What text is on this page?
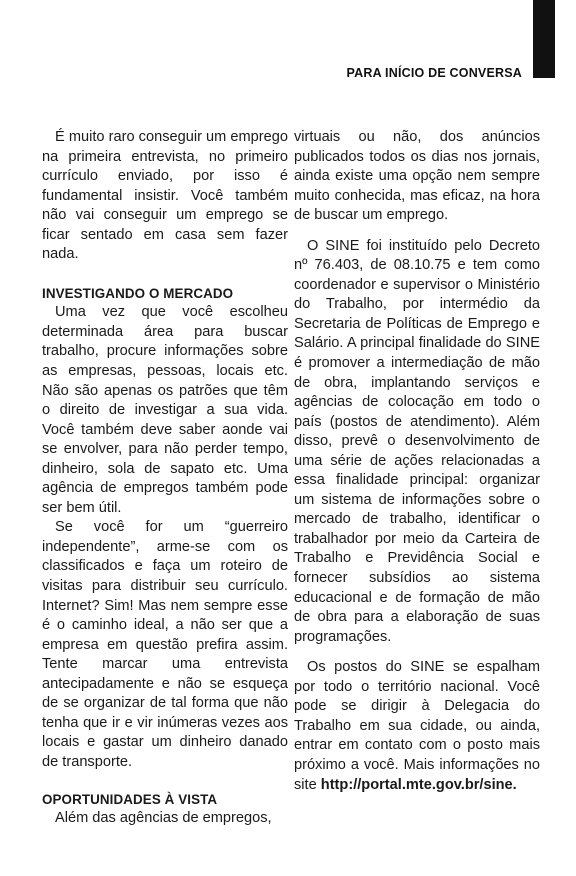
PARA INÍCIO DE CONVERSA

É muito raro conseguir um emprego na primeira entrevista, no primeiro currículo enviado, por isso é fundamental insistir. Você também não vai conseguir um emprego se ficar sentado em casa sem fazer nada.

INVESTIGANDO O MERCADO

Uma vez que você escolheu determinada área para buscar trabalho, procure informações sobre as empresas, pessoas, locais etc. Não são apenas os patrões que têm o direito de investigar a sua vida. Você também deve saber aonde vai se envolver, para não perder tempo, dinheiro, sola de sapato etc. Uma agência de empregos também pode ser bem útil.

Se você for um “guerreiro independente”, arme-se com os classificados e faça um roteiro de visitas para distribuir seu currículo. Internet? Sim! Mas nem sempre esse é o caminho ideal, a não ser que a empresa em questão prefira assim. Tente marcar uma entrevista antecipadamente e não se esqueça de se organizar de tal forma que não tenha que ir e vir inúmeras vezes aos locais e gastar um dinheiro danado de transporte.

OPORTUNIDADES À VISTA

Além das agências de empregos,

virtuais ou não, dos anúncios publicados todos os dias nos jornais, ainda existe uma opção nem sempre muito conhecida, mas eficaz, na hora de buscar um emprego.

O SINE foi instituído pelo Decreto nº 76.403, de 08.10.75 e tem como coordenador e supervisor o Ministério do Trabalho, por intermédio da Secretaria de Políticas de Emprego e Salário. A principal finalidade do SINE é promover a intermediação de mão de obra, implantando serviços e agências de colocação em todo o país (postos de atendimento). Além disso, prevê o desenvolvimento de uma série de ações relacionadas a essa finalidade principal: organizar um sistema de informações sobre o mercado de trabalho, identificar o trabalhador por meio da Carteira de Trabalho e Previdência Social e fornecer subsídios ao sistema educacional e de formação de mão de obra para a elaboração de suas programações.

Os postos do SINE se espalham por todo o território nacional. Você pode se dirigir à Delegacia do Trabalho em sua cidade, ou ainda, entrar em contato com o posto mais próximo a você. Mais informações no site http://portal.mte.gov.br/sine.
